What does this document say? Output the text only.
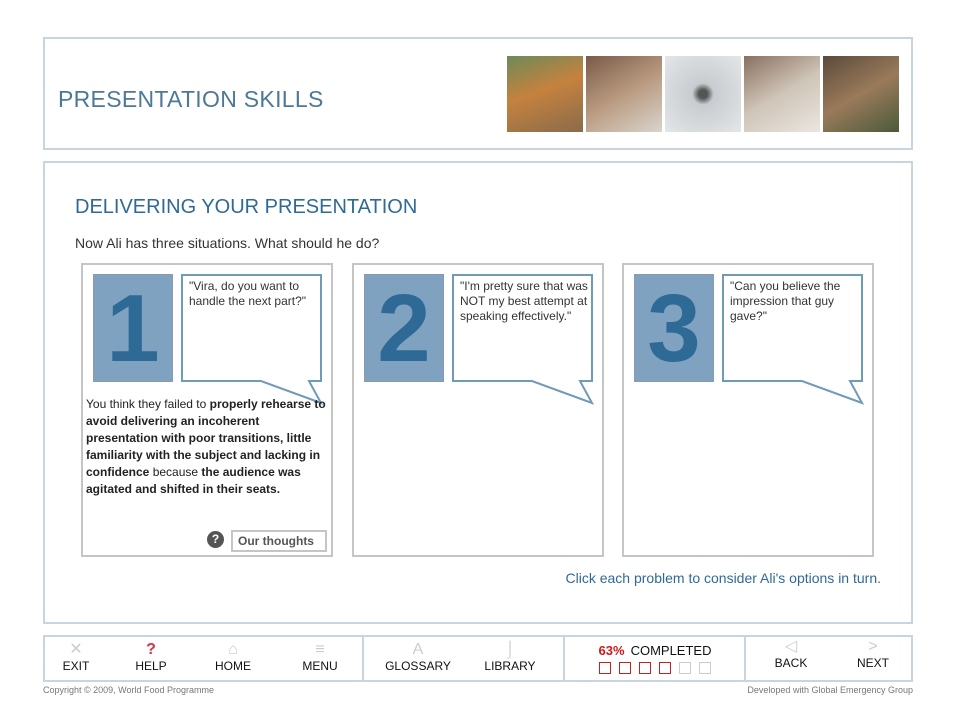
PRESENTATION SKILLS
DELIVERING YOUR PRESENTATION
Now Ali has three situations. What should he do?
1	"Vira, do you want to handle the next part?"
You think they failed to properly rehearse to avoid delivering an incoherent presentation with poor transitions, little familiarity with the subject and lacking in confidence because the audience was agitated and shifted in their seats.
?	Our thoughts
2	"I'm pretty sure that was NOT my best attempt at speaking effectively." 3	"Can you believe the impression that guy gave?"
Click each problem to consider Ali's options in turn.
✕
EXIT
?
HELP
⌂
HOME
≡
MENU
A
GLOSSARY
⌡
LIBRARY
63% COMPLETED	◁
BACK
>
NEXT
Copyright © 2009, World Food Programme	Developed with Global Emergency Group
